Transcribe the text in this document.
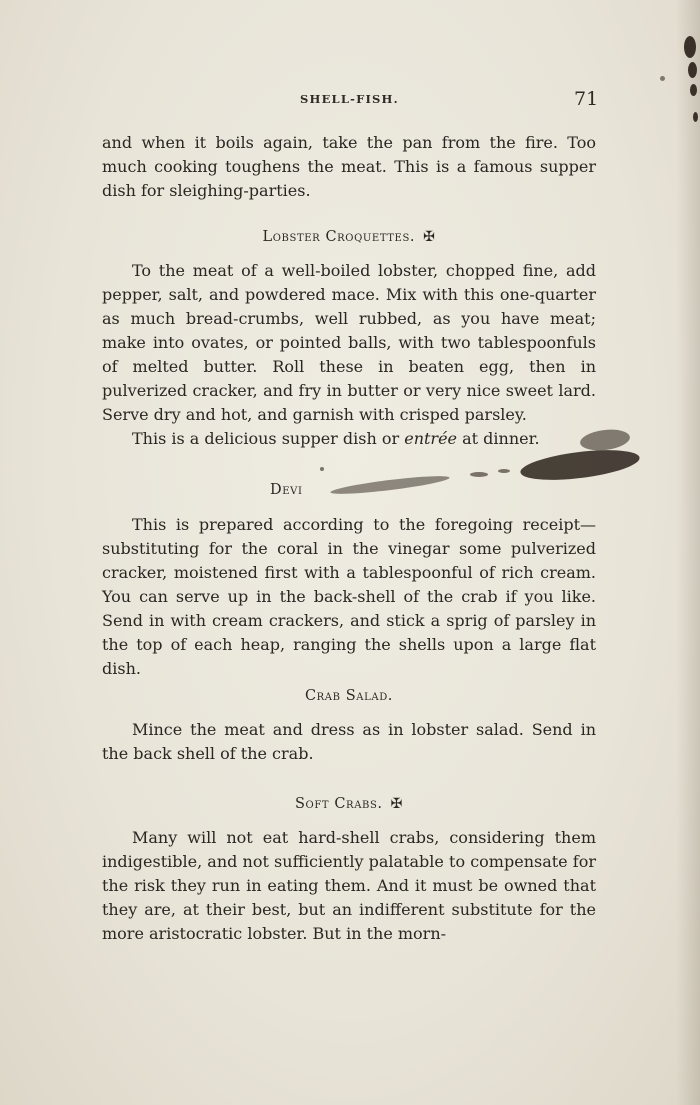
SHELL-FISH.	71

and when it boils again, take the pan from the fire. Too much cooking toughens the meat. This is a famous supper dish for sleighing-parties.

Lobster Croquettes. ✠

To the meat of a well-boiled lobster, chopped fine, add pepper, salt, and powdered mace. Mix with this one-quarter as much bread-crumbs, well rubbed, as you have meat; make into ovates, or pointed balls, with two tablespoonfuls of melted butter. Roll these in beaten egg, then in pulverized cracker, and fry in butter or very nice sweet lard. Serve dry and hot, and garnish with crisped parsley.

This is a delicious supper dish or entrée at dinner.

Devi

This is prepared according to the foregoing receipt— substituting for the coral in the vinegar some pulverized cracker, moistened first with a tablespoonful of rich cream. You can serve up in the back-shell of the crab if you like. Send in with cream crackers, and stick a sprig of parsley in the top of each heap, ranging the shells upon a large flat dish.

Crab Salad.

Mince the meat and dress as in lobster salad. Send in the back shell of the crab.

Soft Crabs. ✠

Many will not eat hard-shell crabs, considering them indigestible, and not sufficiently palatable to compensate for the risk they run in eating them. And it must be owned that they are, at their best, but an indifferent substitute for the more aristocratic lobster. But in the morn-
